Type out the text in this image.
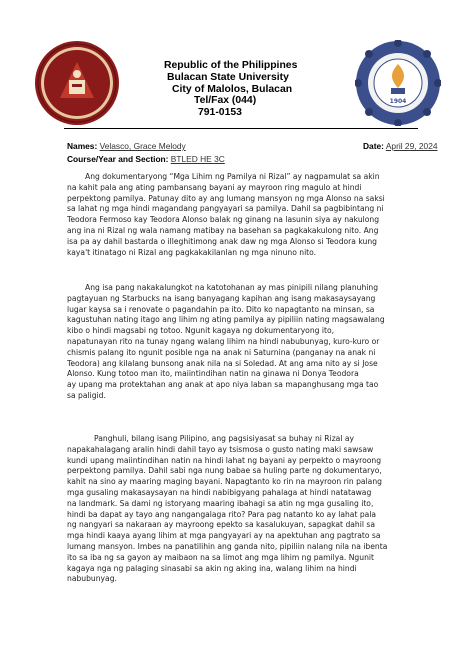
Republic of the Philippines
Bulacan State University
City of Malolos, Bulacan
Tel/Fax (044)
791-0153
1904
Names: Velasco, Grace Melody	Date: April 29, 2024
Course/Year and Section: BTLED HE 3C
Ang dokumentaryong “Mga Lihim ng Pamilya ni Rizal” ay nagpamulat sa akin
na kahit pala ang ating pambansang bayani ay mayroon ring magulo at hindi
perpektong pamilya. Patunay dito ay ang lumang mansyon ng mga Alonso na saksi
sa lahat ng mga hindi magandang pangyayari sa pamilya. Dahil sa pagbibintang ni
Teodora Fermoso kay Teodora Alonso balak ng ginang na lasunin siya ay nakulong
ang ina ni Rizal ng wala namang matibay na basehan sa pagkakakulong nito. Ang
isa pa ay dahil bastarda o illeghitimong anak daw ng mga Alonso si Teodora kung
kaya't itinatago ni Rizal ang pagkakakilanlan ng mga ninuno nito.
Ang isa pang nakakalungkot na katotohanan ay mas pinipili nilang planuhing
pagtayuan ng Starbucks na isang banyagang kapihan ang isang makasaysayang
lugar kaysa sa i renovate o pagandahin pa ito. Dito ko napagtanto na minsan, sa
kagustuhan nating itago ang lihim ng ating pamilya ay pipiliin nating magsawalang
kibo o hindi magsabi ng totoo. Ngunit kagaya ng dokumentaryong ito,
napatunayan rito na tunay ngang walang lihim na hindi nabubunyag, kuro-kuro or
chismis palang ito ngunit posible nga na anak ni Saturnina (panganay na anak ni
Teodora) ang kilalang bunsong anak nila na si Soledad. At ang ama nito ay si Jose
Alonso. Kung totoo man ito, maiintindihan natin na ginawa ni Donya Teodora
ay upang ma protektahan ang anak at apo niya laban sa mapanghusang mga tao
sa paligid.
Panghuli, bilang isang Pilipino, ang pagsisiyasat sa buhay ni Rizal ay
napakahalagang aralin hindi dahil tayo ay tsismosa o gusto nating maki sawsaw
kundi upang maiintindihan natin na hindi lahat ng bayani ay perpekto o mayroong
perpektong pamilya. Dahil sabi nga nung babae sa huling parte ng dokumentaryo,
kahit na sino ay maaring maging bayani. Napagtanto ko rin na mayroon rin palang
mga gusaling makasaysayan na hindi nabibigyang pahalaga at hindi natatawag
na landmark. Sa dami ng istoryang maaring ibahagi sa atin ng mga gusaling ito,
hindi ba dapat ay tayo ang nangangalaga rito? Para pag natanto ko ay lahat pala
ng nangyari sa nakaraan ay mayroong epekto sa kasalukuyan, sapagkat dahil sa
mga hindi kaaya ayang lihim at mga pangyayari ay na apektuhan ang pagtrato sa
lumang mansyon. Imbes na panatilihin ang ganda nito, pipiliin nalang nila na ibenta
ito sa iba ng sa gayon ay maibaon na sa limot ang mga lihim ng pamilya. Ngunit
kagaya nga ng palaging sinasabi sa akin ng aking ina, walang lihim na hindi
nabubunyag.
